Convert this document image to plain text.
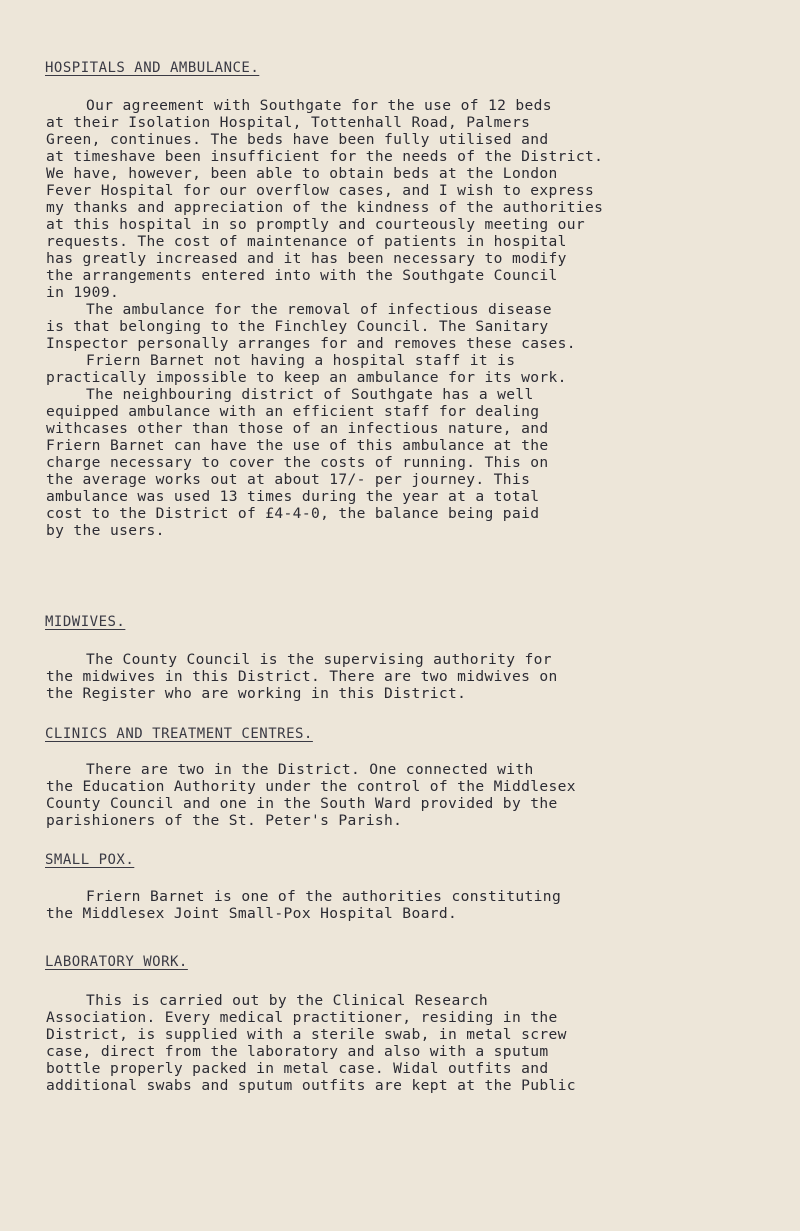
HOSPITALS AND AMBULANCE.
Our agreement with Southgate for the use of 12 beds
at their Isolation Hospital, Tottenhall Road, Palmers
Green, continues. The beds have been fully utilised and
at timeshave been insufficient for the needs of the District.
We have, however, been able to obtain beds at the London
Fever Hospital for our overflow cases, and I wish to express
my thanks and appreciation of the kindness of the authorities
at this hospital in so promptly and courteously meeting our
requests. The cost of maintenance of patients in hospital
has greatly increased and it has been necessary to modify
the arrangements entered into with the Southgate Council
in 1909.
The ambulance for the removal of infectious disease
is that belonging to the Finchley Council. The Sanitary
Inspector personally arranges for and removes these cases.
Friern Barnet not having a hospital staff it is
practically impossible to keep an ambulance for its work.
The neighbouring district of Southgate has a well
equipped ambulance with an efficient staff for dealing
withcases other than those of an infectious nature, and
Friern Barnet can have the use of this ambulance at the
charge necessary to cover the costs of running. This on
the average works out at about 17/- per journey. This
ambulance was used 13 times during the year at a total
cost to the District of £4-4-0, the balance being paid
by the users.
MIDWIVES.
The County Council is the supervising authority for
the midwives in this District. There are two midwives on
the Register who are working in this District.
CLINICS AND TREATMENT CENTRES.
There are two in the District. One connected with
the Education Authority under the control of the Middlesex
County Council and one in the South Ward provided by the
parishioners of the St. Peter's Parish.
SMALL POX.
Friern Barnet is one of the authorities constituting
the Middlesex Joint Small-Pox Hospital Board.
LABORATORY WORK.
This is carried out by the Clinical Research
Association. Every medical practitioner, residing in the
District, is supplied with a sterile swab, in metal screw
case, direct from the laboratory and also with a sputum
bottle properly packed in metal case. Widal outfits and
additional swabs and sputum outfits are kept at the Public
